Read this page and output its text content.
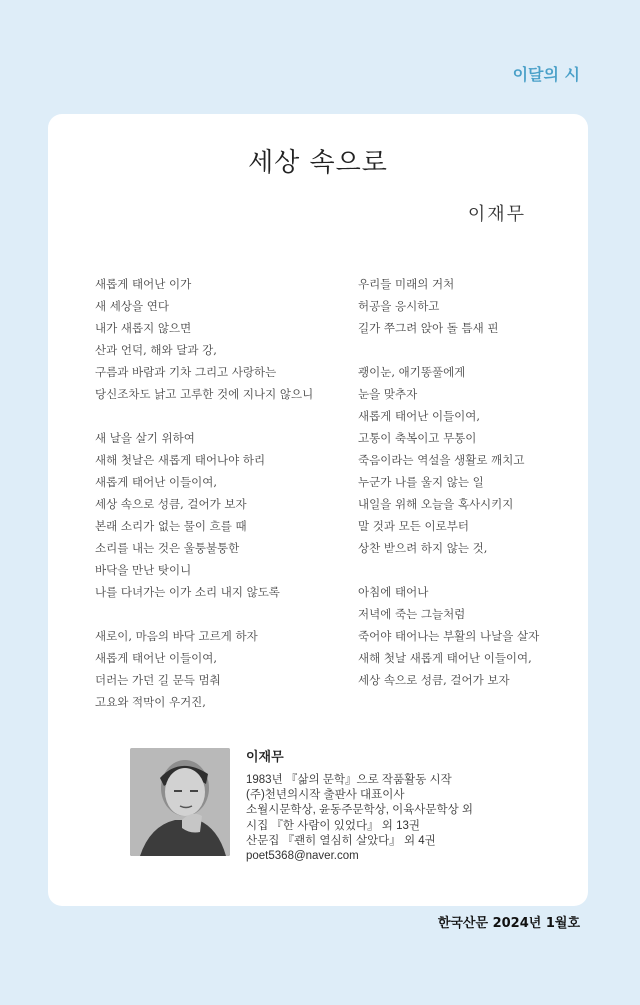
이달의 시
세상 속으로
이재무
새롭게 태어난 이가
새 세상을 연다
내가 새롭지 않으면
산과 언덕, 해와 달과 강,
구름과 바람과 기차 그리고 사랑하는
당신조차도 낡고 고루한 것에 지나지 않으니
새 날을 살기 위하여
새해 첫날은 새롭게 태어나야 하리
새롭게 태어난 이들이여,
세상 속으로 성큼, 걸어가 보자
본래 소리가 없는 물이 흐를 때
소리를 내는 것은 울퉁불퉁한
바닥을 만난 탓이니
나를 다녀가는 이가 소리 내지 않도록
새로이, 마음의 바닥 고르게 하자
새롭게 태어난 이들이여,
더러는 가던 길 문득 멈춰
고요와 적막이 우거진,
우리들 미래의 거처
허공을 응시하고
길가 쭈그려 앉아 돌 틈새 핀
괭이눈, 애기똥풀에게
눈을 맞추자
새롭게 태어난 이들이여,
고통이 축복이고 무통이
죽음이라는 역설을 생활로 깨치고
누군가 나를 울지 않는 일
내일을 위해 오늘을 혹사시키지
말 것과 모든 이로부터
상찬 받으려 하지 않는 것,
아침에 태어나
저녁에 죽는 그늘처럼
죽어야 태어나는 부활의 나날을 살자
새해 첫날 새롭게 태어난 이들이여,
세상 속으로 성큼, 걸어가 보자
이재무
1983년 『삶의 문학』으로 작품활동 시작
(주)천년의시작 출판사 대표이사
소월시문학상, 윤동주문학상, 이육사문학상 외
시집 『한 사람이 있었다』 외 13권
산문집 『괜히 열심히 살았다』 외 4권
poet5368@naver.com
한국산문 2024년 1월호
